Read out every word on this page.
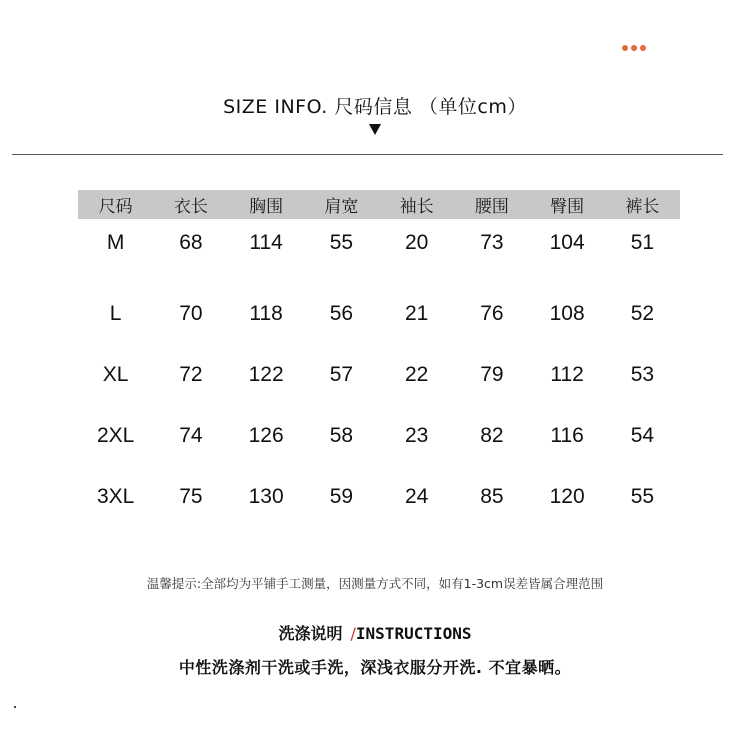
SIZE INFO. 尺码信息 （单位cm）
尺码	衣长	胸围	肩宽	袖长	腰围	臀围	裤长
M	68	114	55	20	73	104	51
L	70	118	56	21	76	108	52
XL	72	122	57	22	79	112	53
2XL	74	126	58	23	82	116	54
3XL	75	130	59	24	85	120	55
温馨提示:全部均为平铺手工测量，因测量方式不同，如有1-3cm误差皆属合理范围
洗涤说明 /INSTRUCTIONS
中性洗涤剂干洗或手洗，深浅衣服分开洗. 不宜暴晒。
